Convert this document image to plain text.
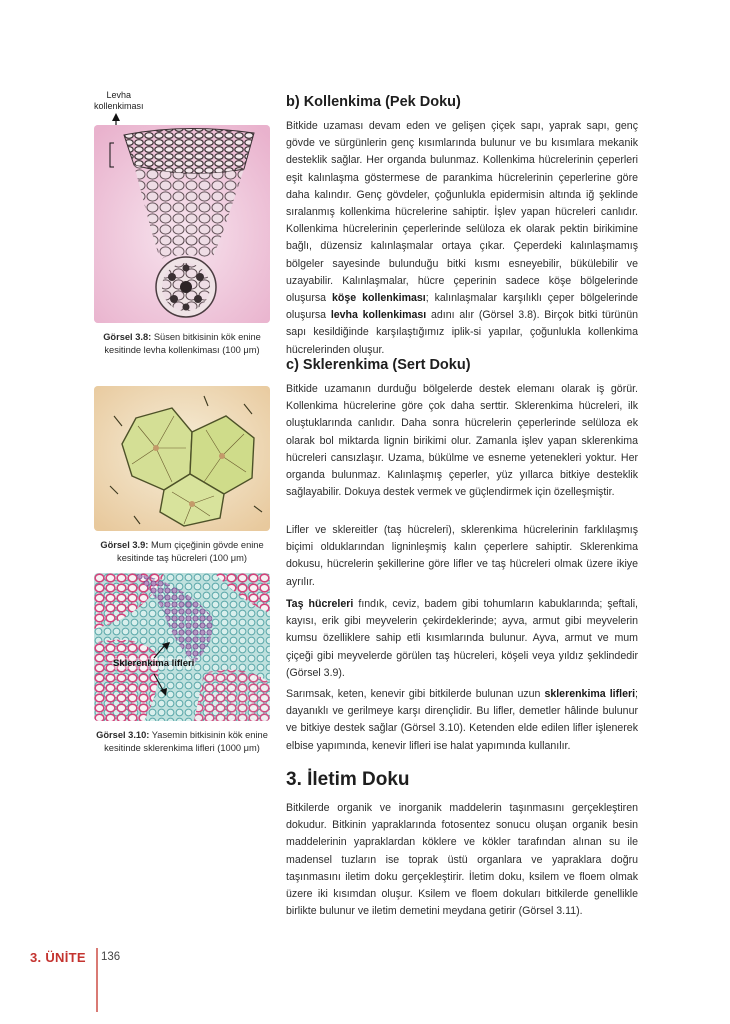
Levha
kollenkiması
Görsel 3.8: Süsen bitkisinin kök enine kesitinde levha kollenkiması (100 μm)
Görsel 3.9: Mum çiçeğinin gövde enine kesitinde taş hücreleri (100 μm)
Sklerenkima lifleri
Görsel 3.10: Yasemin bitkisinin kök enine kesitinde sklerenkima lifleri (1000 μm)
b) Kollenkima (Pek Doku)

Bitkide uzaması devam eden ve gelişen çiçek sapı, yaprak sapı, genç gövde ve sürgünlerin genç kısımlarında bulunur ve bu kısımlara mekanik desteklik sağlar. Her organda bulunmaz. Kollenkima hücrelerinin çeperleri eşit kalınlaşma göstermese de parankima hücrelerinin çeperlerine göre daha kalındır. Genç gövdeler, çoğunlukla epidermisin altında iğ şeklinde sıralanmış kollenkima hücrelerine sahiptir. İşlev yapan hücreleri canlıdır. Kollenkima hücrelerinin çeperlerinde selüloza ek olarak pektin birikimine bağlı, düzensiz kalınlaşmalar ortaya çıkar. Çeperdeki kalınlaşmamış bölgeler sayesinde bulunduğu bitki kısmı esneyebilir, bükülebilir ve uzayabilir. Kalınlaşmalar, hücre çeperinin sadece köşe bölgelerinde oluşursa köşe kollenkiması; kalınlaşmalar karşılıklı çeper bölgelerinde oluşursa levha kollenkiması adını alır (Görsel 3.8). Birçok bitki türünün sapı kesildiğinde karşılaştığımız iplik-si yapılar, çoğunlukla kollenkima hücrelerinden oluşur.

c) Sklerenkima (Sert Doku)

Bitkide uzamanın durduğu bölgelerde destek elemanı olarak iş görür. Kollenkima hücrelerine göre çok daha serttir. Sklerenkima hücreleri, ilk oluştuklarında canlıdır. Daha sonra hücrelerin çeperlerinde selüloza ek olarak bol miktarda lignin birikimi olur. Zamanla işlev yapan sklerenkima hücreleri cansızlaşır. Uzama, bükülme ve esneme yetenekleri yoktur. Her organda bulunmaz. Kalınlaşmış çeperler, yüz yıllarca bitkiye desteklik sağlayabilir. Dokuya destek vermek ve güçlendirmek için özelleşmiştir.

Lifler ve sklereitler (taş hücreleri), sklerenkima hücrelerinin farklılaşmış biçimi olduklarından ligninleşmiş kalın çeperlere sahiptir. Sklerenkima dokusu, hücrelerin şekillerine göre lifler ve taş hücreleri olmak üzere ikiye ayrılır.

Taş hücreleri fındık, ceviz, badem gibi tohumların kabuklarında; şeftali, kayısı, erik gibi meyvelerin çekirdeklerinde; ayva, armut gibi meyvelerin kumsu özelliklere sahip etli kısımlarında bulunur. Ayva, armut ve mum çiçeği gibi meyvelerde görülen taş hücreleri, köşeli veya yıldız şeklindedir (Görsel 3.9).

Sarımsak, keten, kenevir gibi bitkilerde bulunan uzun sklerenkima lifleri; dayanıklı ve gerilmeye karşı dirençlidir. Bu lifler, demetler hâlinde bulunur ve bitkiye destek sağlar (Görsel 3.10). Ketenden elde edilen lifler işlenerek elbise yapımında, kenevir lifleri ise halat yapımında kullanılır.

3. İletim Doku

Bitkilerde organik ve inorganik maddelerin taşınmasını gerçekleştiren dokudur. Bitkinin yapraklarında fotosentez sonucu oluşan organik besin maddelerinin yapraklardan köklere ve kökler tarafından alınan su ile madensel tuzların ise toprak üstü organlara ve yapraklara doğru taşınmasını iletim doku gerçekleştirir. İletim doku, ksilem ve floem olmak üzere iki kısımdan oluşur. Ksilem ve floem dokuları bitkilerde genellikle birlikte bulunur ve iletim demetini meydana getirir (Görsel 3.11).

3. ÜNİTE 136
